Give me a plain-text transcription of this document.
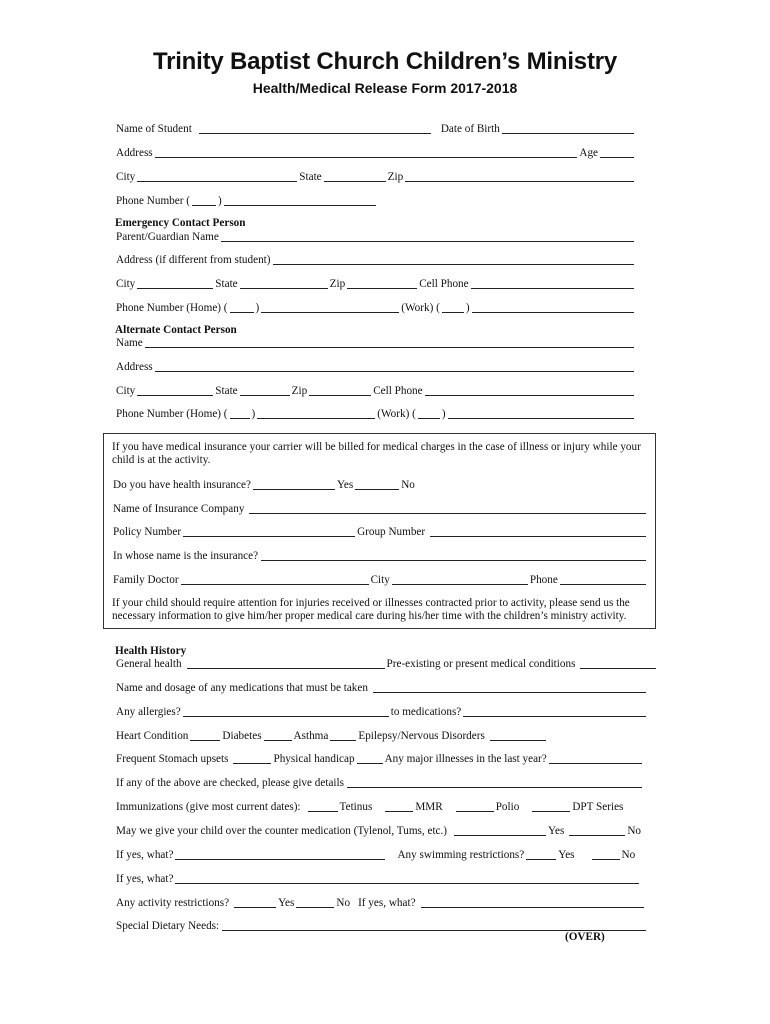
Trinity Baptist Church Children’s Ministry
Health/Medical Release Form 2017-2018
Name of Student	Date of Birth
Address	Age
City	State	Zip
Phone Number (	)
Emergency Contact Person
Parent/Guardian Name
Address (if different from student)
City	State	Zip	Cell Phone
Phone Number (Home) (	)	(Work) ( )
Alternate Contact Person
Name
Address
City	State	Zip	Cell Phone
Phone Number (Home) ( )	(Work) ( )
If you have medical insurance your carrier will be billed for medical charges in the case of illness or injury while your child is at the activity.
Do you have health insurance?	Yes	No
Name of Insurance Company
Policy Number	Group Number
In whose name is the insurance?
Family Doctor	City	Phone
If your child should require attention for injuries received or illnesses contracted prior to activity, please send us the necessary information to give him/her proper medical care during his/her time with the children’s ministry activity.
Health History
General health	Pre-existing or present medical conditions
Name and dosage of any medications that must be taken
Any allergies?	to medications?
Heart Condition	Diabetes	Asthma	Epilepsy/Nervous Disorders
Frequent Stomach upsets	Physical handicap	Any major illnesses in the last year?
If any of the above are checked, please give details
Immunizations (give most current dates):	Tetinus	MMR	Polio	DPT Series
May we give your child over the counter medication (Tylenol, Tums, etc.)	Yes	No
If yes, what?	Any swimming restrictions?	Yes	No
If yes, what?
Any activity restrictions?	Yes	No If yes, what?
Special Dietary Needs:
(OVER)
